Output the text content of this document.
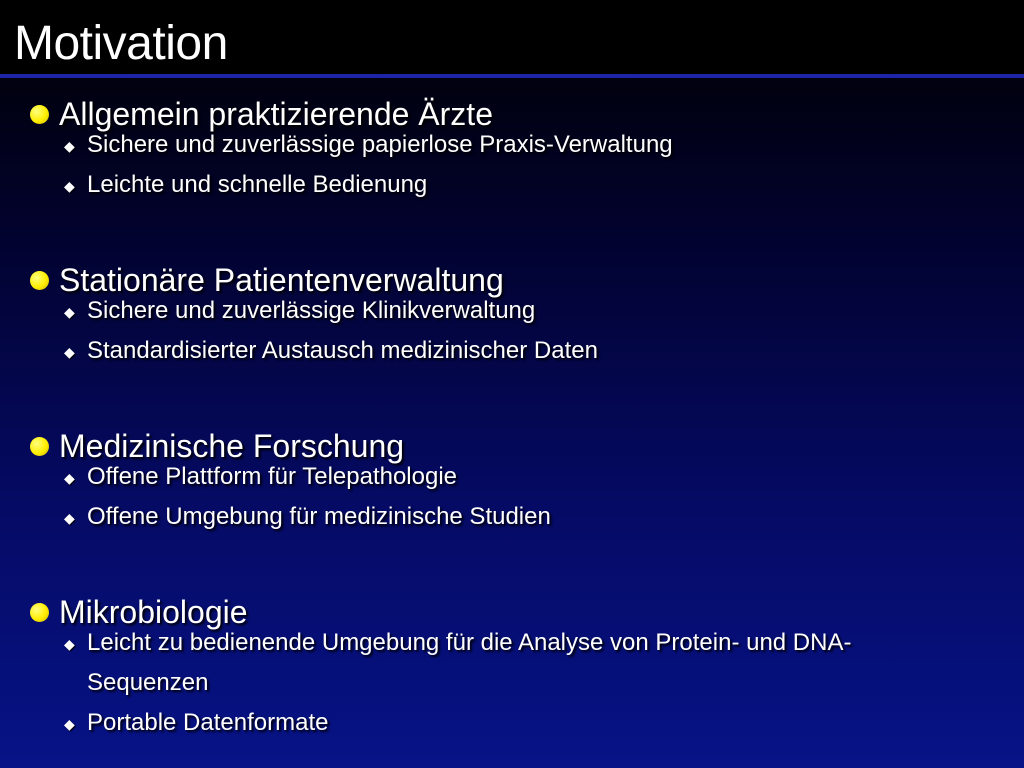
Motivation
Allgemein praktizierende Ärzte
◆ Sichere und zuverlässige papierlose Praxis-Verwaltung
◆ Leichte und schnelle Bedienung
Stationäre Patientenverwaltung
◆ Sichere und zuverlässige Klinikverwaltung
◆ Standardisierter Austausch medizinischer Daten
Medizinische Forschung
◆ Offene Plattform für Telepathologie
◆ Offene Umgebung für medizinische Studien
Mikrobiologie
◆ Leicht zu bedienende Umgebung für die Analyse von Protein- und DNA-Sequenzen
◆ Portable Datenformate
